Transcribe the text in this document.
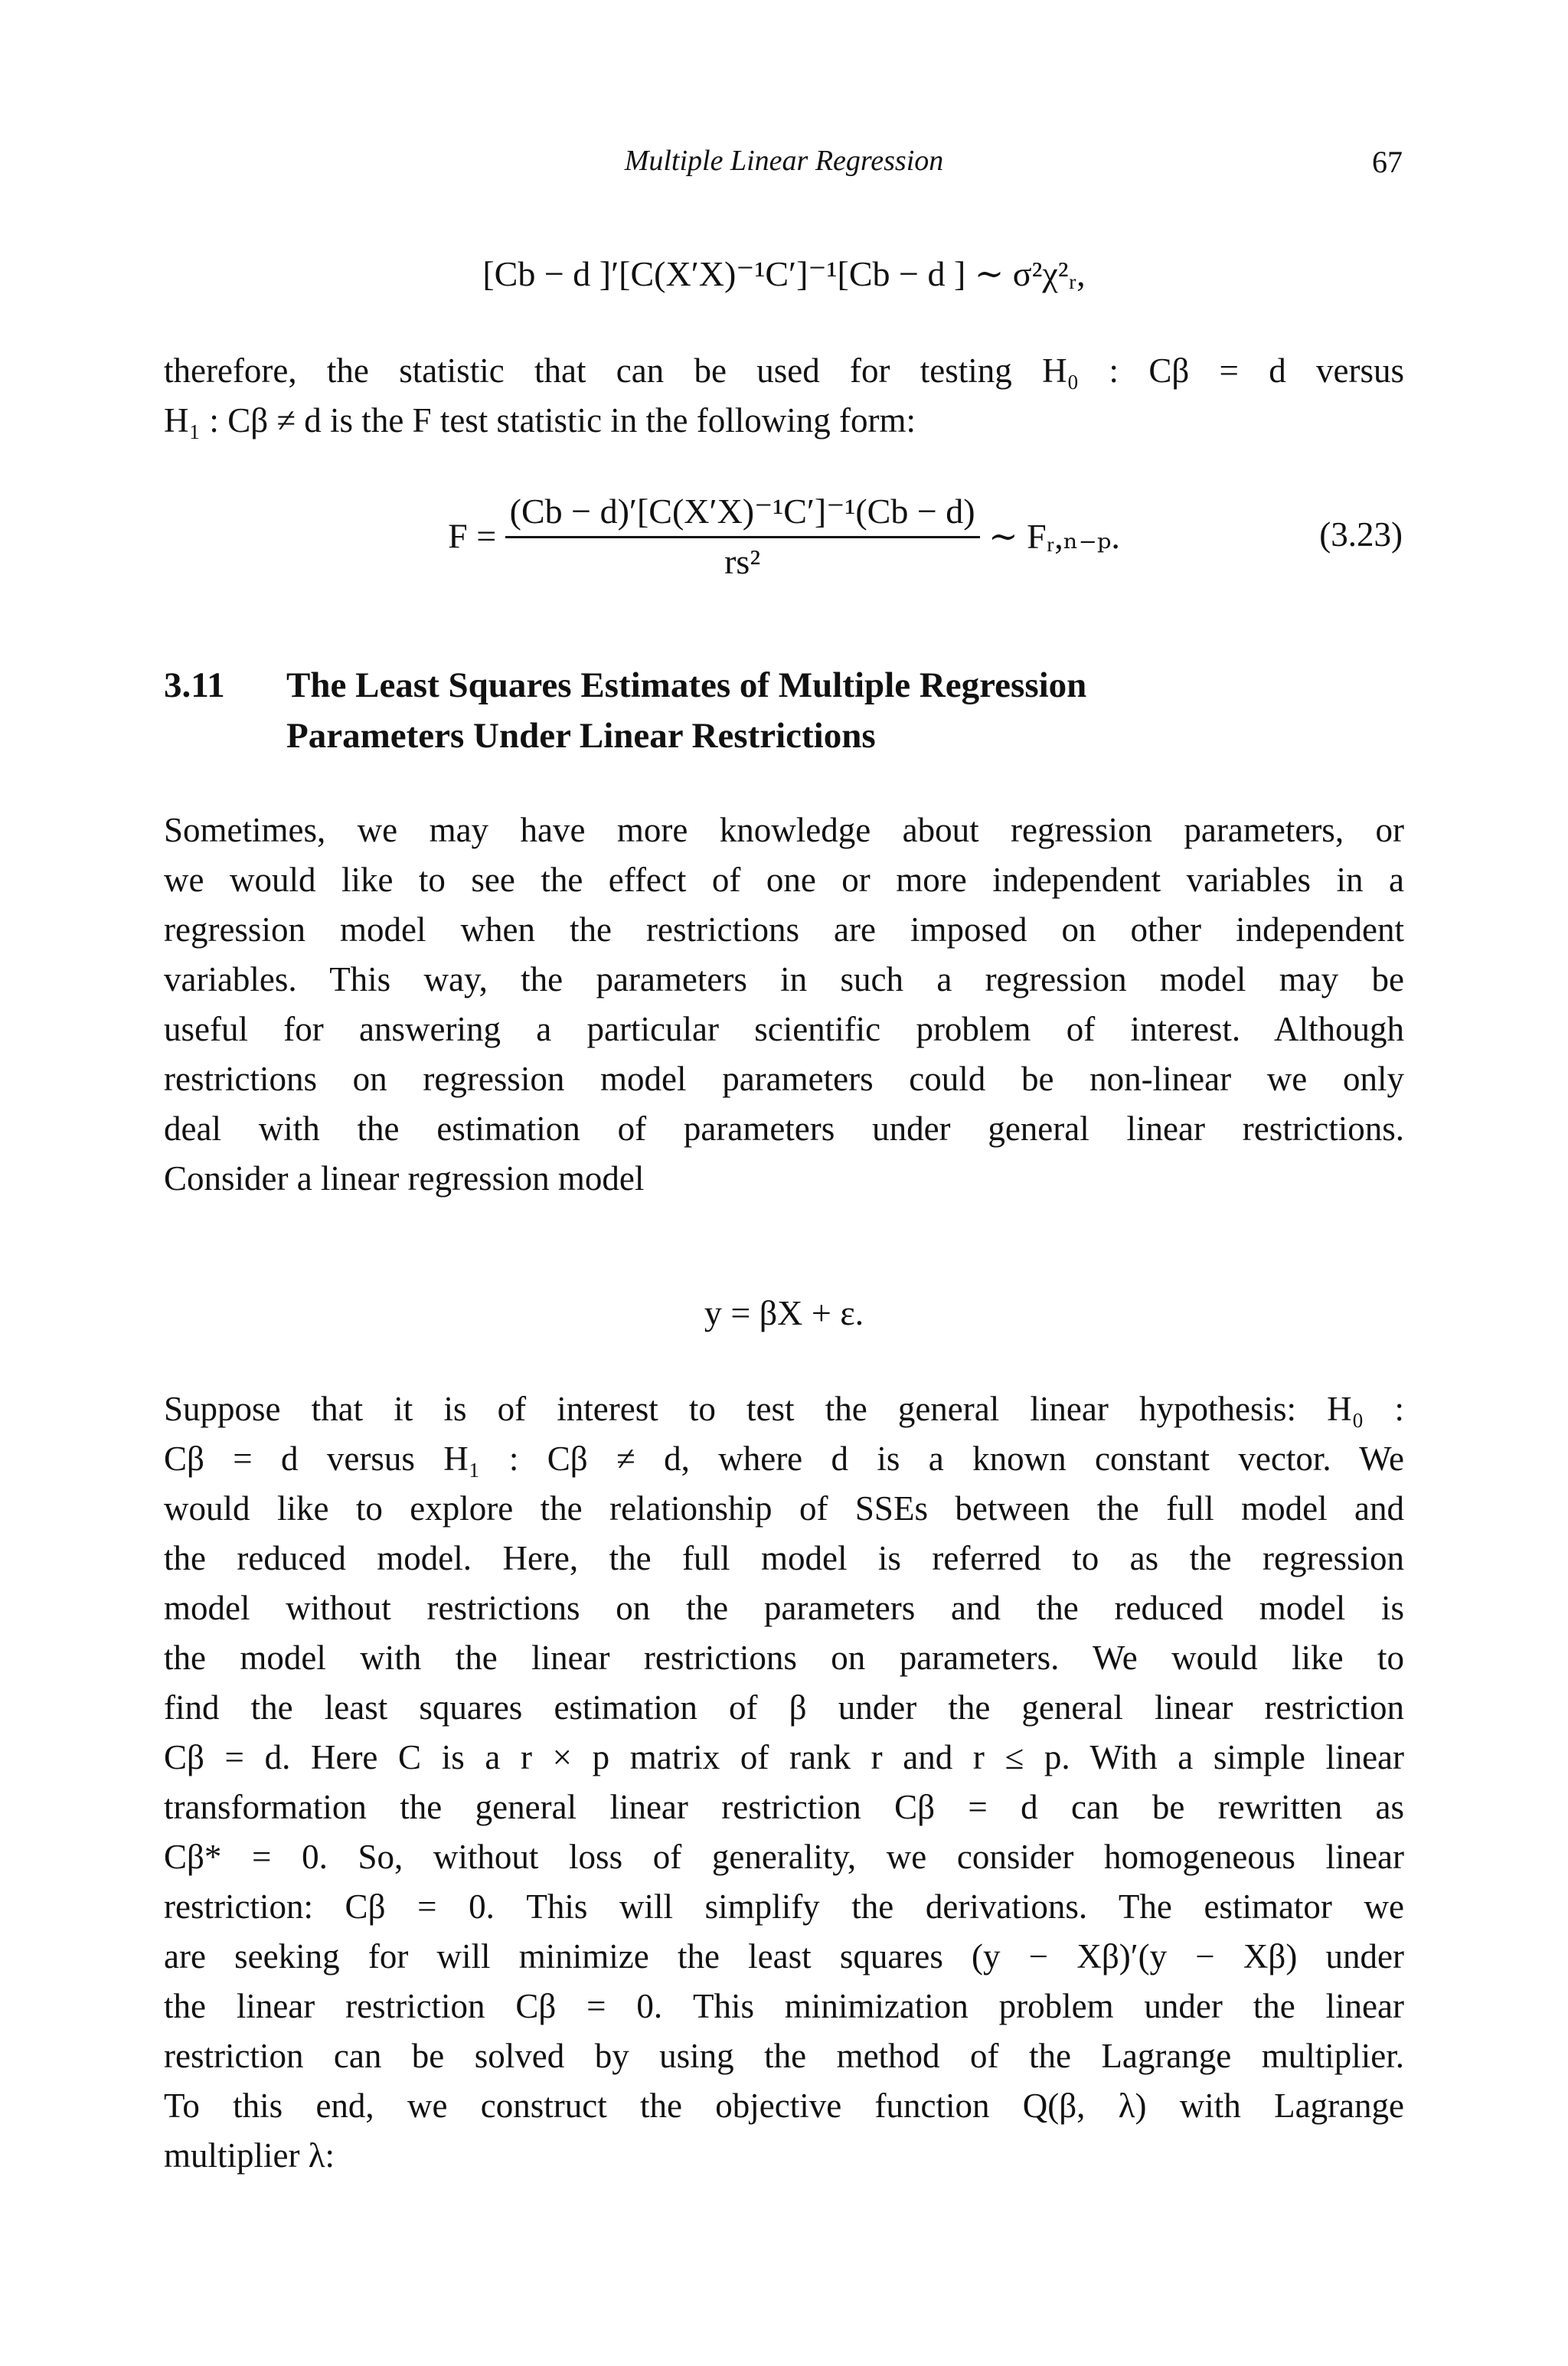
Multiple Linear Regression	67
[Cb − d ]′[C(X′X)⁻¹C′]⁻¹[Cb − d ] ∼ σ²χ²ᵣ,
therefore, the statistic that can be used for testing H₀ : Cβ = d versus
H₁ : Cβ ≠ d is the F test statistic in the following form:
$F = \frac{\text{(Cb − d)′[C(X′X)⁻¹C′]⁻¹(Cb − d)}}{\text{rs²}}$ ∼ Fᵣ,ₙ₋ₚ.	(3.23)
3.11 The Least Squares Estimates of Multiple Regression
Parameters Under Linear Restrictions
Sometimes, we may have more knowledge about regression parameters, or
we would like to see the effect of one or more independent variables in a
regression model when the restrictions are imposed on other independent
variables. This way, the parameters in such a regression model may be
useful for answering a particular scientific problem of interest. Although
restrictions on regression model parameters could be non-linear we only
deal with the estimation of parameters under general linear restrictions.
Consider a linear regression model
y = βX + ε.
Suppose that it is of interest to test the general linear hypothesis: H₀ :
Cβ = d versus H₁ : Cβ ≠ d, where d is a known constant vector. We
would like to explore the relationship of SSEs between the full model and
the reduced model. Here, the full model is referred to as the regression
model without restrictions on the parameters and the reduced model is
the model with the linear restrictions on parameters. We would like to
find the least squares estimation of β under the general linear restriction
Cβ = d. Here C is a r × p matrix of rank r and r ≤ p. With a simple linear
transformation the general linear restriction Cβ = d can be rewritten as
Cβ* = 0. So, without loss of generality, we consider homogeneous linear
restriction: Cβ = 0. This will simplify the derivations. The estimator we
are seeking for will minimize the least squares (y − Xβ)′(y − Xβ) under
the linear restriction Cβ = 0. This minimization problem under the linear
restriction can be solved by using the method of the Lagrange multiplier.
To this end, we construct the objective function Q(β, λ) with Lagrange
multiplier λ:
